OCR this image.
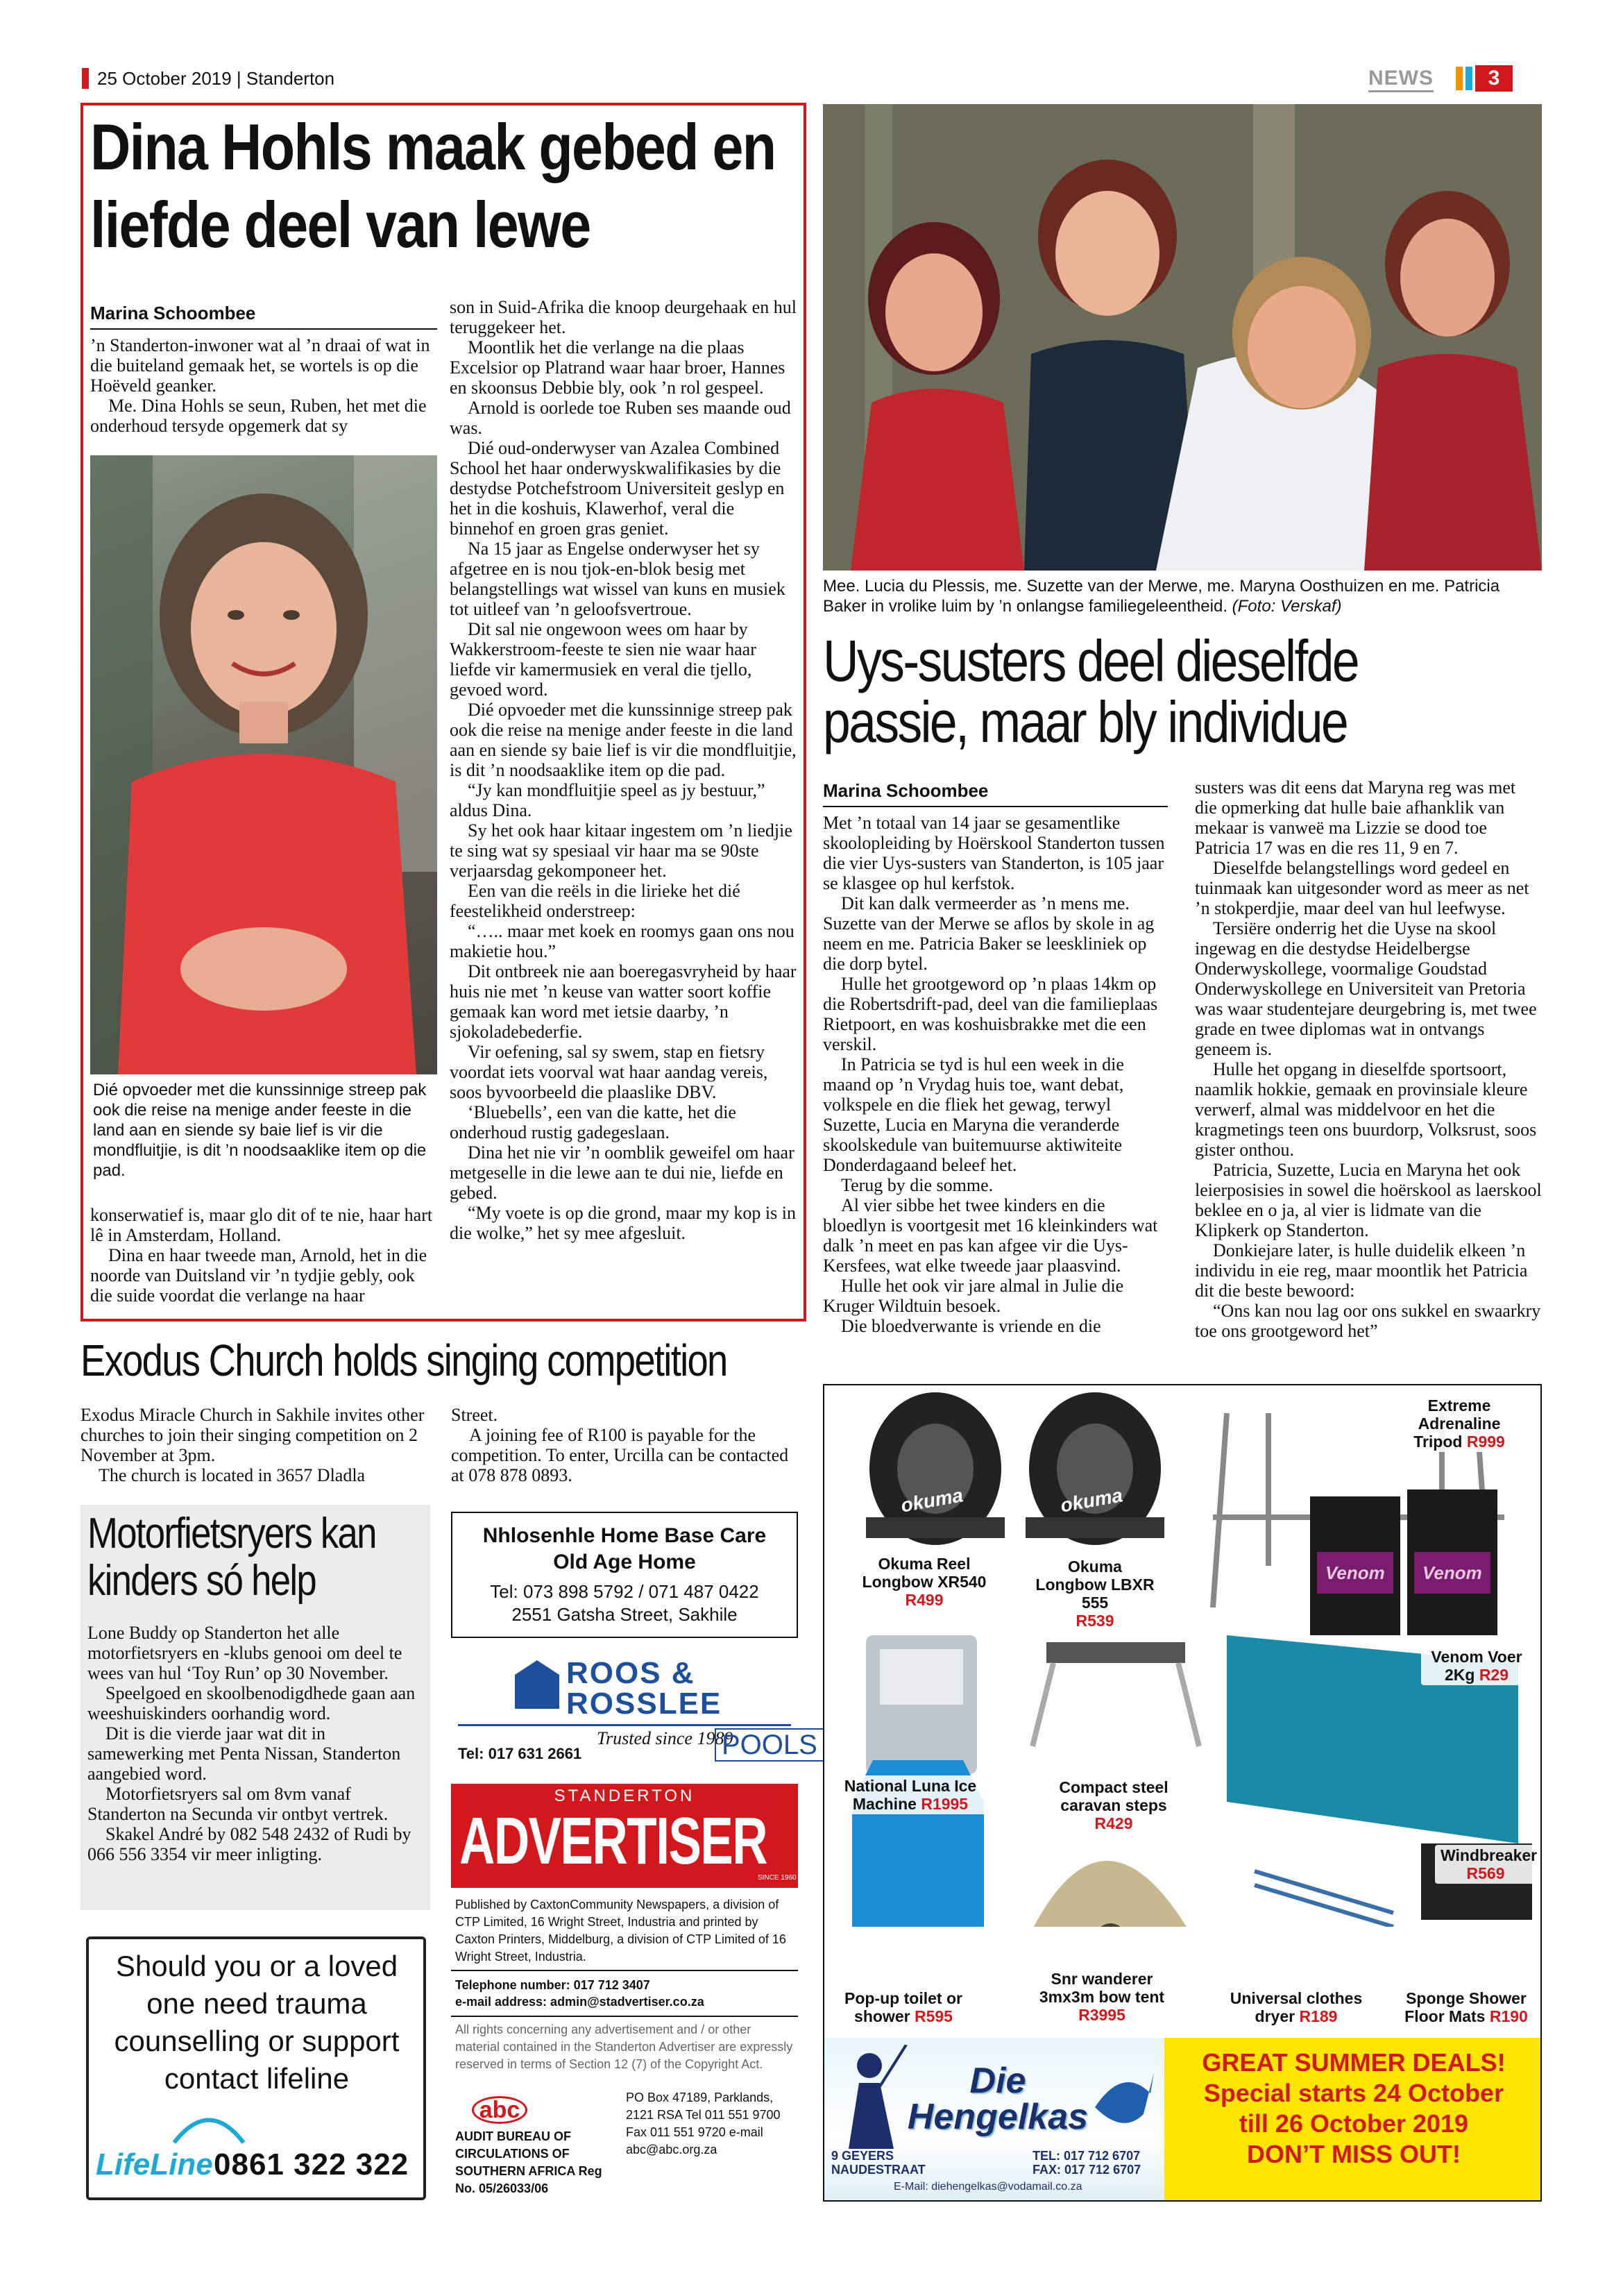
25 October 2019 | Standerton	NEWS	3
Dina Hohls maak gebed en liefde deel van lewe
Marina Schoombee

’n Standerton-inwoner wat al ’n draai of wat in die buiteland gemaak het, se wortels is op die Hoëveld geanker.

Me. Dina Hohls se seun, Ruben, het met die onderhoud tersyde opgemerk dat sy

Dié opvoeder met die kunssinnige streep pak ook die reise na menige ander feeste in die land aan en siende sy baie lief is vir die mondfluitjie, is dit ’n noodsaaklike item op die pad.

konserwatief is, maar glo dit of te nie, haar hart lê in Amsterdam, Holland.

Dina en haar tweede man, Arnold, het in die noorde van Duitsland vir ’n tydjie gebly, ook die suide voordat die verlange na haar

son in Suid-Afrika die knoop deurgehaak en hul teruggekeer het.

Moontlik het die verlange na die plaas Excelsior op Platrand waar haar broer, Hannes en skoonsus Debbie bly, ook ’n rol gespeel.

Arnold is oorlede toe Ruben ses maande oud was.

Dié oud-onderwyser van Azalea Combined School het haar onderwyskwalifikasies by die destydse Potchefstroom Universiteit geslyp en het in die koshuis, Klawerhof, veral die binnehof en groen gras geniet.

Na 15 jaar as Engelse onderwyser het sy afgetree en is nou tjok-en-blok besig met belangstellings wat wissel van kuns en musiek tot uitleef van ’n geloofsvertroue.

Dit sal nie ongewoon wees om haar by Wakkerstroom-feeste te sien nie waar haar liefde vir kamermusiek en veral die tjello, gevoed word.

Dié opvoeder met die kunssinnige streep pak ook die reise na menige ander feeste in die land aan en siende sy baie lief is vir die mondfluitjie, is dit ’n noodsaaklike item op die pad.

“Jy kan mondfluitjie speel as jy bestuur,” aldus Dina.

Sy het ook haar kitaar ingestem om ’n liedjie te sing wat sy spesiaal vir haar ma se 90ste verjaarsdag gekomponeer het.

Een van die reëls in die lirieke het dié feestelikheid onderstreep:

“….. maar met koek en roomys gaan ons nou makietie hou.”

Dit ontbreek nie aan boeregasvryheid by haar huis nie met ’n keuse van watter soort koffie gemaak kan word met ietsie daarby, ’n sjokoladebederfie.

Vir oefening, sal sy swem, stap en fietsry voordat iets voorval wat haar aandag vereis, soos byvoorbeeld die plaaslike DBV.

‘Bluebells’, een van die katte, het die onderhoud rustig gadegeslaan.

Dina het nie vir ’n oomblik geweifel om haar metgeselle in die lewe aan te dui nie, liefde en gebed.

“My voete is op die grond, maar my kop is in die wolke,” het sy mee afgesluit.

Mee. Lucia du Plessis, me. Suzette van der Merwe, me. Maryna Oosthuizen en me. Patricia Baker in vrolike luim by ’n onlangse familiegeleentheid. (Foto: Verskaf)
Uys-susters deel dieselfde passie, maar bly individue
Marina Schoombee

Met ’n totaal van 14 jaar se gesamentlike skoolopleiding by Hoërskool Standerton tussen die vier Uys-susters van Standerton, is 105 jaar se klasgee op hul kerfstok.

Dit kan dalk vermeerder as ’n mens me. Suzette van der Merwe se aflos by skole in ag neem en me. Patricia Baker se leeskliniek op die dorp bytel.

Hulle het grootgeword op ’n plaas 14km op die Robertsdrift-pad, deel van die familieplaas Rietpoort, en was koshuisbrakke met die een verskil.

In Patricia se tyd is hul een week in die maand op ’n Vrydag huis toe, want debat, volkspele en die fliek het gewag, terwyl Suzette, Lucia en Maryna die veranderde skoolskedule van buitemuurse aktiwiteite Donderdagaand beleef het.

Terug by die somme.

Al vier sibbe het twee kinders en die bloedlyn is voortgesit met 16 kleinkinders wat dalk ’n meet en pas kan afgee vir die Uys-Kersfees, wat elke tweede jaar plaasvind.

Hulle het ook vir jare almal in Julie die Kruger Wildtuin besoek.

Die bloedverwante is vriende en die

susters was dit eens dat Maryna reg was met die opmerking dat hulle baie afhanklik van mekaar is vanweë ma Lizzie se dood toe Patricia 17 was en die res 11, 9 en 7.

Dieselfde belangstellings word gedeel en tuinmaak kan uitgesonder word as meer as net ’n stokperdjie, maar deel van hul leefwyse.

Tersiëre onderrig het die Uyse na skool ingewag en die destydse Heidelbergse Onderwyskollege, voormalige Goudstad Onderwyskollege en Universiteit van Pretoria was waar studentejare deurgebring is, met twee grade en twee diplomas wat in ontvangs geneem is.

Hulle het opgang in dieselfde sportsoort, naamlik hokkie, gemaak en provinsiale kleure verwerf, almal was middelvoor en het die kragmetings teen ons buurdorp, Volksrust, soos gister onthou.

Patricia, Suzette, Lucia en Maryna het ook leierposisies in sowel die hoërskool as laerskool beklee en o ja, al vier is lidmate van die Klipkerk op Standerton.

Donkiejare later, is hulle duidelik elkeen ’n individu in eie reg, maar moontlik het Patricia dit die beste bewoord:

“Ons kan nou lag oor ons sukkel en swaarkry toe ons grootgeword het”

Exodus Church holds singing competition

Exodus Miracle Church in Sakhile invites other churches to join their singing competition on 2 November at 3pm.

The church is located in 3657 Dladla

Street.

A joining fee of R100 is payable for the competition. To enter, Urcilla can be contacted at 078 878 0893.

Motorfietsryers kan kinders só help

Lone Buddy op Standerton het alle motorfietsryers en -klubs genooi om deel te wees van hul ‘Toy Run’ op 30 November.

Speelgoed en skoolbenodigdhede gaan aan weeshuiskinders oorhandig word.

Dit is die vierde jaar wat dit in samewerking met Penta Nissan, Standerton aangebied word.

Motorfietsryers sal om 8vm vanaf Standerton na Secunda vir ontbyt vertrek.

Skakel André by 082 548 2432 of Rudi by 066 556 3354 vir meer inligting.

Should you or a loved one need trauma counselling or support contact lifeline
LifeLine 0861 322 322
Nhlosenhle Home Base Care
Old Age Home
Tel: 073 898 5792 / 071 487 0422
2551 Gatsha Street, Sakhile
ROOS &
ROSSLEE
Trusted since 1989
POOLS
Tel: 017 631 2661
STANDERTON
ADVERTISER
SINCE 1960
Published by CaxtonCommunity Newspapers, a division of CTP Limited, 16 Wright Street, Industria and printed by Caxton Printers, Middelburg, a division of CTP Limited of 16 Wright Street, Industria.
Telephone number: 017 712 3407
e-mail address: admin@stadvertiser.co.za
All rights concerning any advertisement and / or other material contained in the Standerton Advertiser are expressly reserved in terms of Section 12 (7) of the Copyright Act.
abc
AUDIT BUREAU OF CIRCULATIONS OF SOUTHERN AFRICA Reg No. 05/26033/06
PO Box 47189, Parklands, 2121 RSA Tel 011 551 9700 Fax 011 551 9720 e-mail abc@abc.org.za
okuma	okuma
Venom Venom
Extreme Adrenaline Tripod R999
Okuma Reel Longbow XR540
R499
Okuma Longbow LBXR 555
R539
Venom Voer 2Kg R29
National Luna Ice Machine R1995
Compact steel caravan steps R429
Windbreaker
R569
Pop-up toilet or shower R595
Snr wanderer 3mx3m bow tent R3995
Universal clothes dryer R189
Sponge Shower Floor Mats R190
Die Hengelkas
9 GEYERS NAUDESTRAAT
TEL: 017 712 6707
FAX: 017 712 6707
E-Mail: diehengelkas@vodamail.co.za
GREAT SUMMER DEALS!
Special starts 24 October till 26 October 2019
DON’T MISS OUT!
